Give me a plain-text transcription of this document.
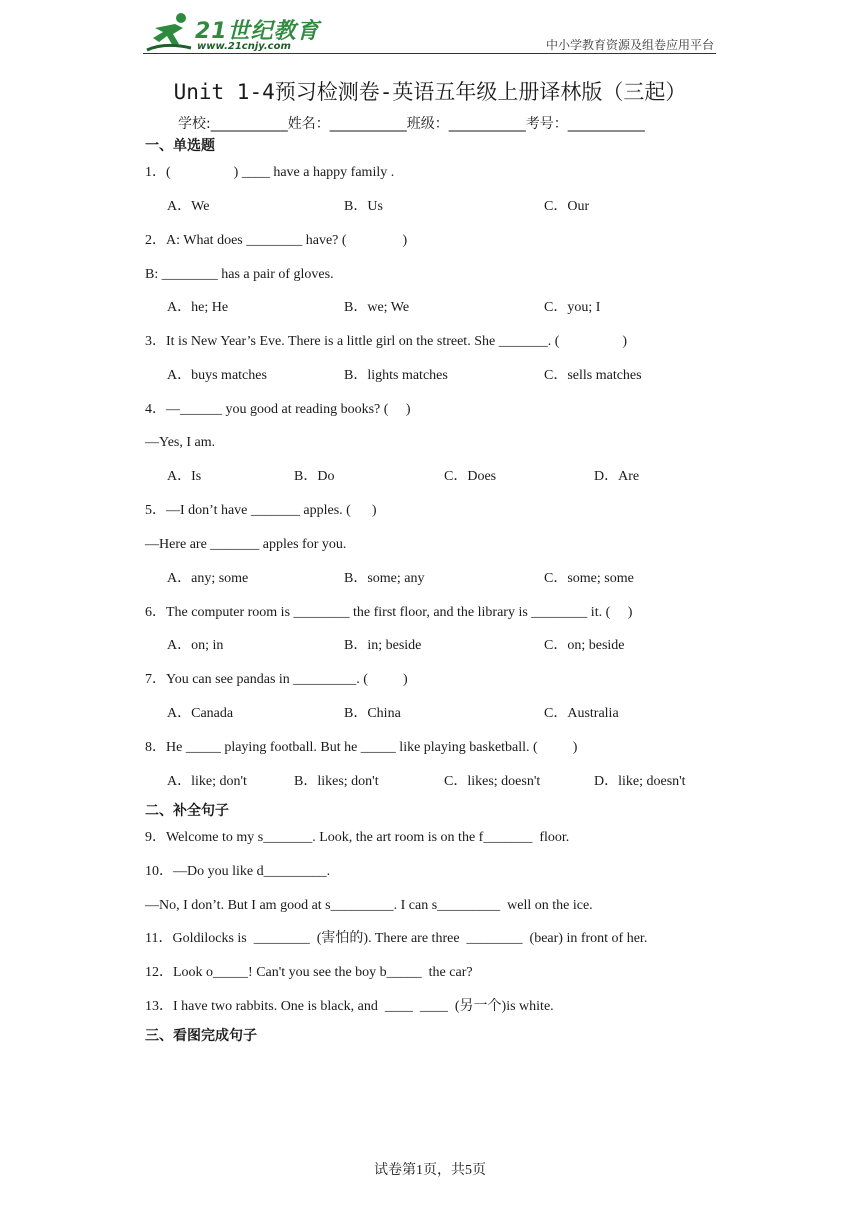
21世纪教育
www.21cnjy.com	中小学教育资源及组卷应用平台
Unit 1-4预习检测卷-英语五年级上册译林版（三起）
学校:___________姓名：___________班级：___________考号：___________
一、单选题
1．(                  ) ____ have a happy family .
A．We	B．Us	C．Our
2．A: What does ________ have? (                )
B: ________ has a pair of gloves.
A．he; He	B．we; We	C．you; I
3．It is New Year’s Eve. There is a little girl on the street. She _______. (                  )
A．buys matches	B．lights matches	C．sells matches
4．—______ you good at reading books? (     )
—Yes, I am.
A．Is	B．Do	C．Does	D．Are
5．—I don’t have _______ apples. (      )
—Here are _______ apples for you.
A．any; some	B．some; any	C．some; some
6．The computer room is ________ the first floor, and the library is ________ it. (     )
A．on; in	B．in; beside	C．on; beside
7．You can see pandas in _________. (          )
A．Canada	B．China	C．Australia
8．He _____ playing football. But he _____ like playing basketball. (          )
A．like; don't	B．likes; don't	C．likes; doesn't	D．like; doesn't
二、补全句子
9．Welcome to my s_______. Look, the art room is on the f_______  floor.
10．—Do you like d_________.
—No, I don’t. But I am good at s_________. I can s_________  well on the ice.
11．Goldilocks is  ________  (害怕的). There are three  ________  (bear) in front of her.
12．Look o_____! Can't you see the boy b_____  the car?
13．I have two rabbits. One is black, and  ____  ____  (另一个)is white.
三、看图完成句子
试卷第1页，共5页
